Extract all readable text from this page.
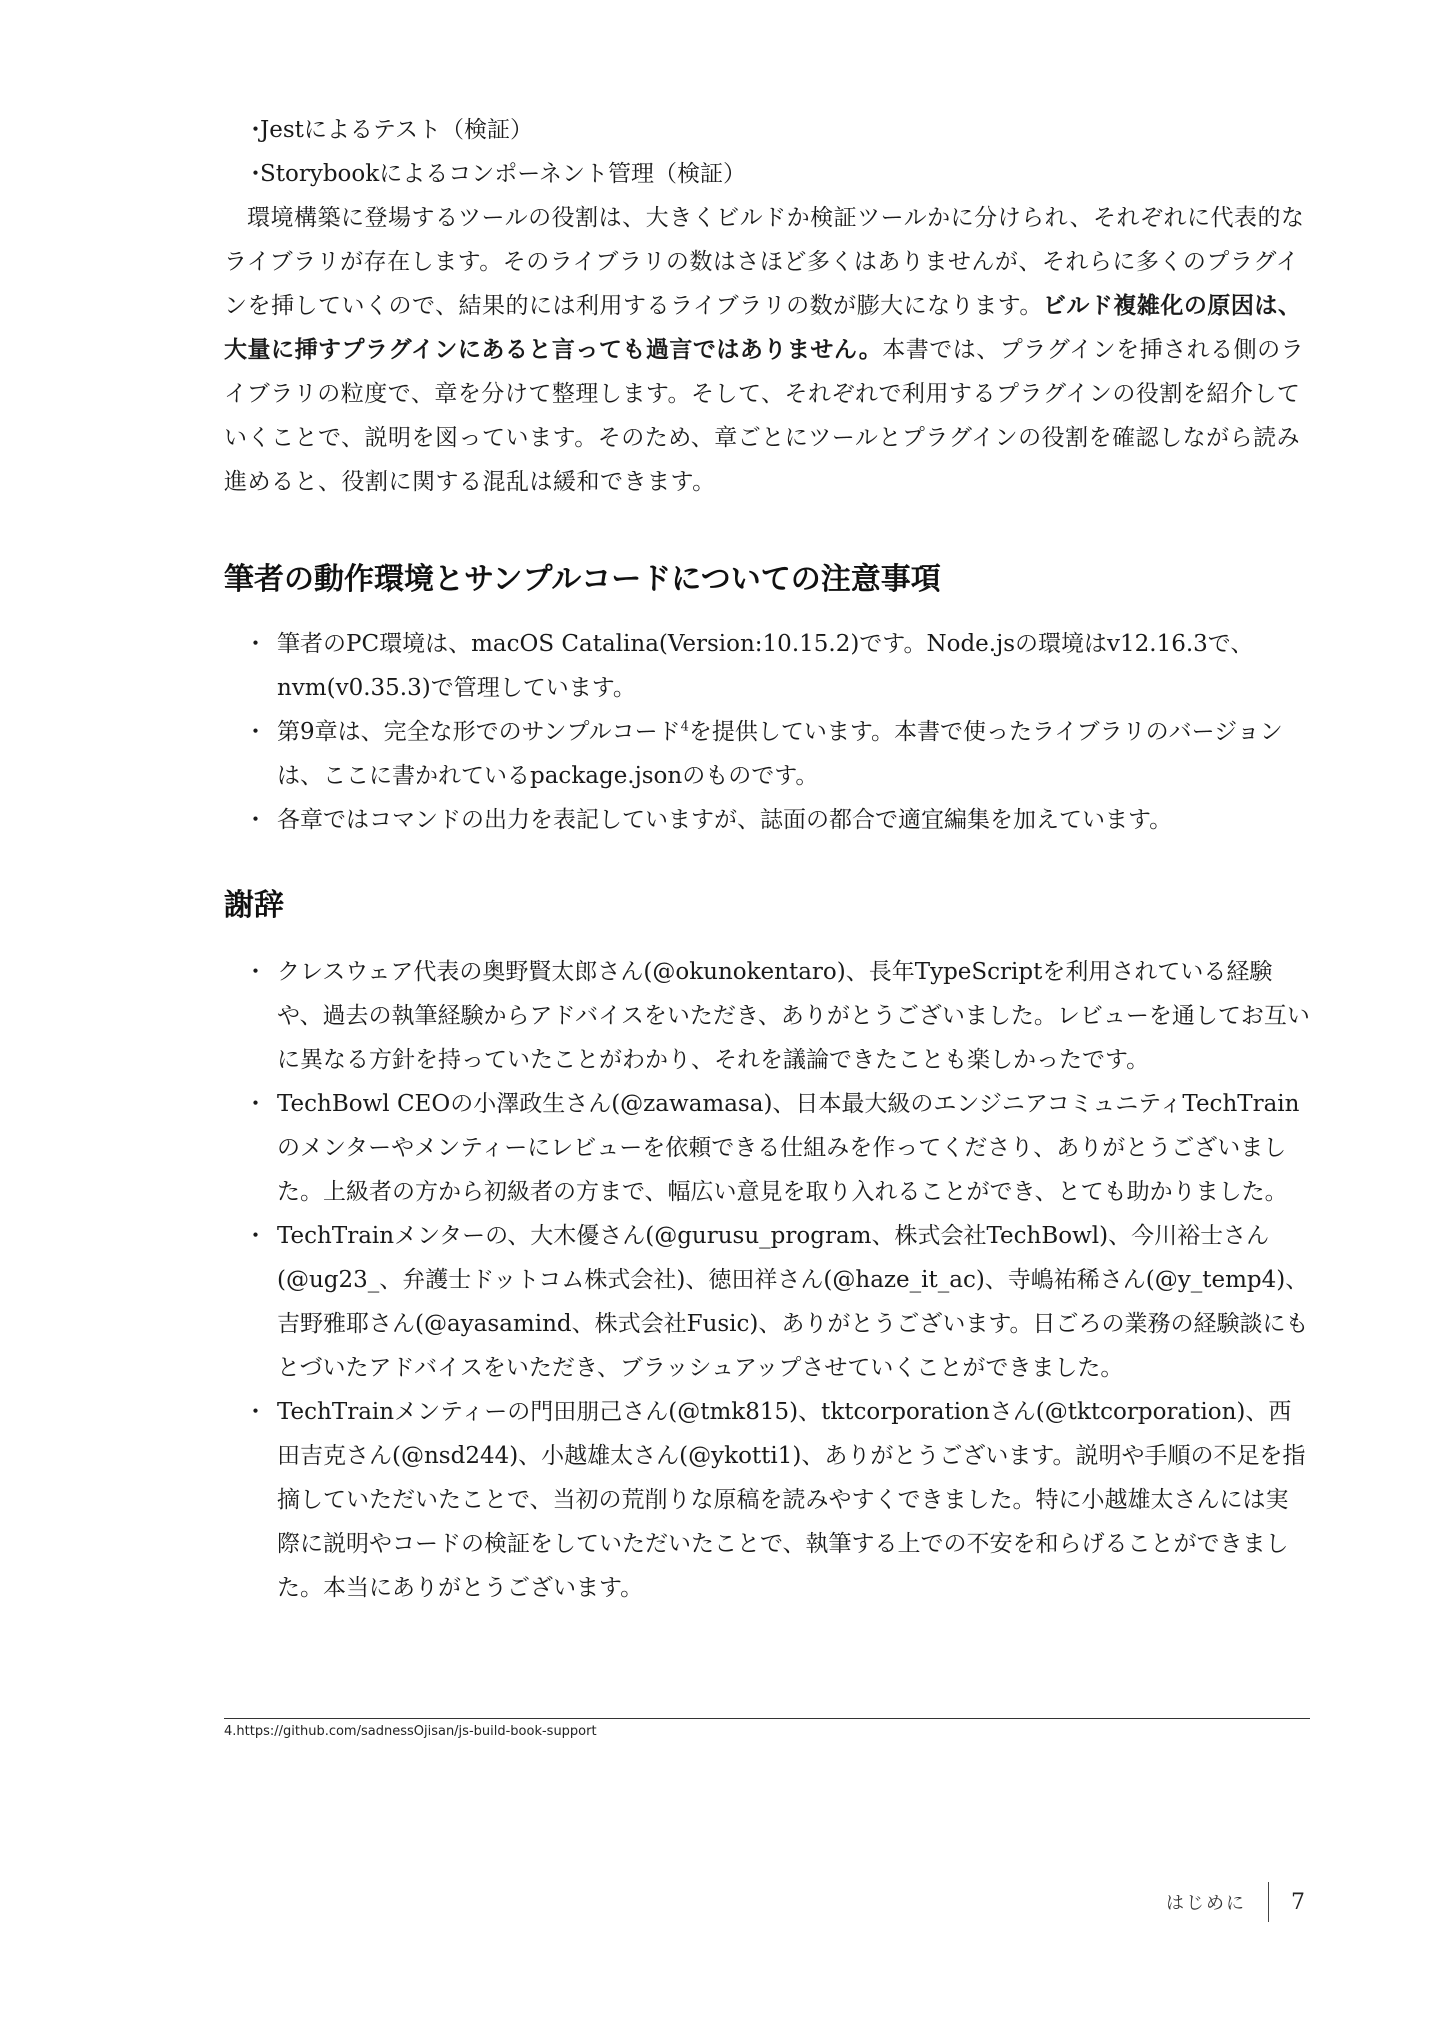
・ Jestによるテスト（検証）

・ Storybookによるコンポーネント管理（検証）

環境構築に登場するツールの役割は、大きくビルドか検証ツールかに分けられ、それぞれに代表的なライブラリが存在します。そのライブラリの数はさほど多くはありませんが、それらに多くのプラグインを挿していくので、結果的には利用するライブラリの数が膨大になります。ビルド複雑化の原因は、大量に挿すプラグインにあると言っても過言ではありません。本書では、プラグインを挿される側のライブラリの粒度で、章を分けて整理します。そして、それぞれで利用するプラグインの役割を紹介していくことで、説明を図っています。そのため、章ごとにツールとプラグインの役割を確認しながら読み進めると、役割に関する混乱は緩和できます。

筆者の動作環境とサンプルコードについての注意事項

・ 筆者のPC環境は、macOS Catalina(Version:10.15.2)です。Node.jsの環境はv12.16.3で、nvm(v0.35.3)で管理しています。

・ 第9章は、完全な形でのサンプルコード$^4$を提供しています。本書で使ったライブラリのバージョンは、ここに書かれているpackage.jsonのものです。

・ 各章ではコマンドの出力を表記していますが、誌面の都合で適宜編集を加えています。

謝辞

・ クレスウェア代表の奥野賢太郎さん(@okunokentaro)、長年TypeScriptを利用されている経験や、過去の執筆経験からアドバイスをいただき、ありがとうございました。レビューを通してお互いに異なる方針を持っていたことがわかり、それを議論できたことも楽しかったです。

・ TechBowl CEOの小澤政生さん(@zawamasa)、日本最大級のエンジニアコミュニティTechTrainのメンターやメンティーにレビューを依頼できる仕組みを作ってくださり、ありがとうございました。上級者の方から初級者の方まで、幅広い意見を取り入れることができ、とても助かりました。

・ TechTrainメンターの、大木優さん(@gurusu_program、株式会社TechBowl)、今川裕士さん(@ug23_、弁護士ドットコム株式会社)、徳田祥さん(@haze_it_ac)、寺嶋祐稀さん(@y_temp4)、吉野雅耶さん(@ayasamind、株式会社Fusic)、ありがとうございます。日ごろの業務の経験談にもとづいたアドバイスをいただき、ブラッシュアップさせていくことができました。

・ TechTrainメンティーの門田朋己さん(@tmk815)、tktcorporationさん(@tktcorporation)、西田吉克さん(@nsd244)、小越雄太さん(@ykotti1)、ありがとうございます。説明や手順の不足を指摘していただいたことで、当初の荒削りな原稿を読みやすくできました。特に小越雄太さんには実際に説明やコードの検証をしていただいたことで、執筆する上での不安を和らげることができました。本当にありがとうございます。

4.https://github.com/sadnessOjisan/js-build-book-support
はじめに 7
